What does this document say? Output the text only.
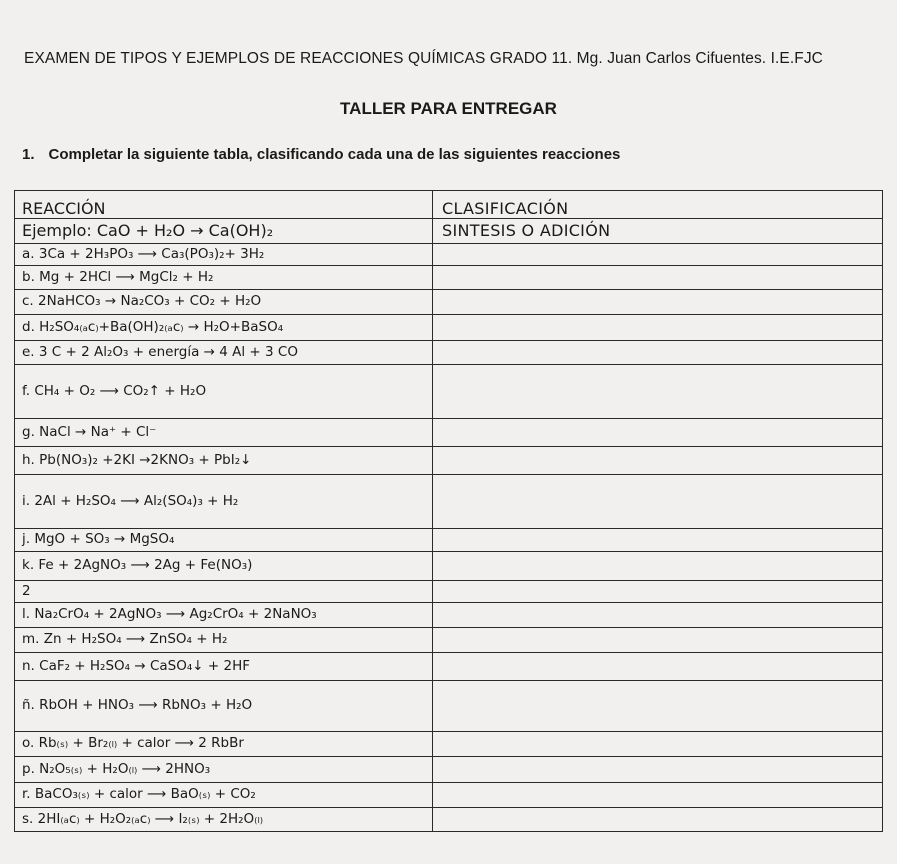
EXAMEN DE TIPOS Y EJEMPLOS DE REACCIONES QUÍMICAS GRADO 11. Mg. Juan Carlos Cifuentes. I.E.FJC
TALLER PARA ENTREGAR
1. Completar la siguiente tabla, clasificando cada una de las siguientes reacciones
REACCIÓN	CLASIFICACIÓN
Ejemplo: CaO + H₂O → Ca(OH)₂	SINTESIS O ADICIÓN
a. 3Ca + 2H₃PO₃ ⟶ Ca₃(PO₃)₂+ 3H₂	
b. Mg + 2HCl ⟶ MgCl₂ + H₂	
c. 2NaHCO₃ → Na₂CO₃ + CO₂ + H₂O	
d. H₂SO₄₍ₐc₎+Ba(OH)₂₍ₐc₎ → H₂O+BaSO₄	
e. 3 C + 2 Al₂O₃ + energía → 4 Al + 3 CO	
f. CH₄ + O₂ ⟶ CO₂↑ + H₂O	
g. NaCl → Na⁺ + Cl⁻	
h. Pb(NO₃)₂ +2KI →2KNO₃ + PbI₂↓	
i. 2Al + H₂SO₄ ⟶ Al₂(SO₄)₃ + H₂	
j. MgO + SO₃ → MgSO₄	
k. Fe + 2AgNO₃ ⟶ 2Ag + Fe(NO₃)	
2	
l. Na₂CrO₄ + 2AgNO₃ ⟶ Ag₂CrO₄ + 2NaNO₃	
m. Zn + H₂SO₄ ⟶ ZnSO₄ + H₂	
n. CaF₂ + H₂SO₄ → CaSO₄↓ + 2HF	
ñ. RbOH + HNO₃ ⟶ RbNO₃ + H₂O	
o. Rb₍ₛ₎ + Br₂₍ₗ₎ + calor ⟶ 2 RbBr	
p. N₂O₅₍ₛ₎ + H₂O₍ₗ₎ ⟶ 2HNO₃	
r. BaCO₃₍ₛ₎ + calor ⟶ BaO₍ₛ₎ + CO₂	
s. 2HI₍ₐc₎ + H₂O₂₍ₐc₎ ⟶ I₂₍ₛ₎ + 2H₂O₍ₗ₎	
